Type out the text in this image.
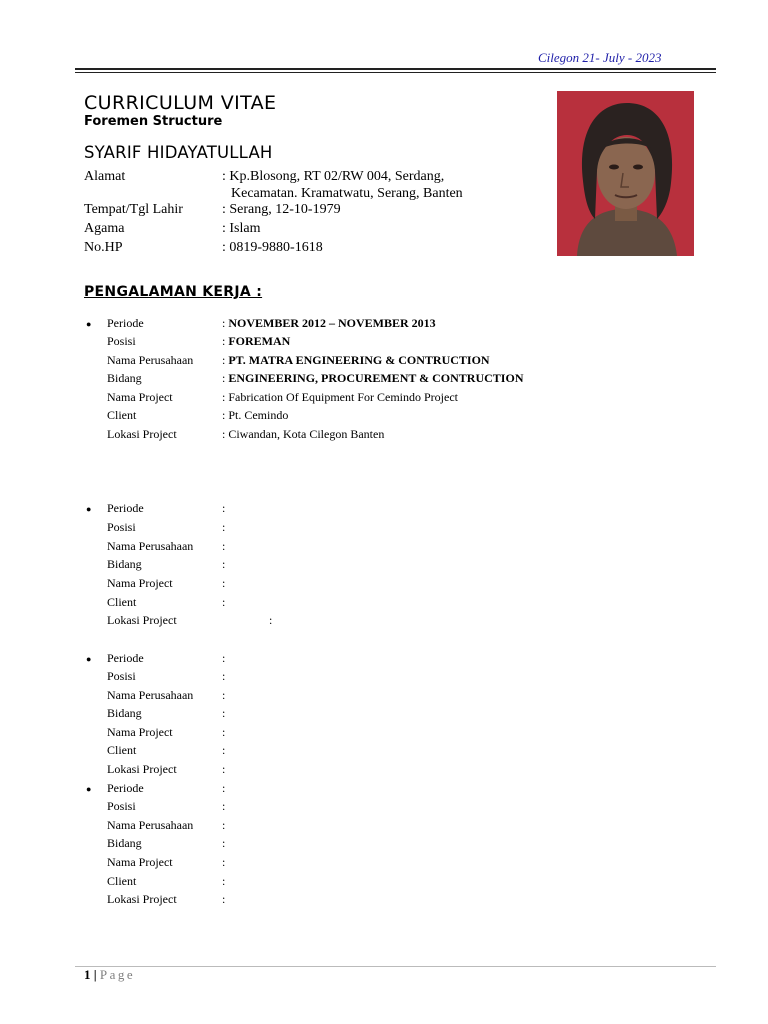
Cilegon 21- July - 2023
CURRICULUM VITAE
Foremen Structure
SYARIF HIDAYATULLAH
Alamat	: Kp.Blosong, RT 02/RW 004, Serdang,
Kecamatan. Kramatwatu, Serang, Banten
Tempat/Tgl Lahir	: Serang, 12-10-1979
Agama	: Islam
No.HP	: 0819-9880-1618
PENGALAMAN KERJA :
● Periode	: NOVEMBER 2012 – NOVEMBER 2013
Posisi	: FOREMAN
Nama Perusahaan : PT. MATRA ENGINEERING & CONTRUCTION
Bidang	: ENGINEERING, PROCUREMENT & CONTRUCTION
Nama Project	: Fabrication Of Equipment For Cemindo Project
Client	: Pt. Cemindo
Lokasi Project	: Ciwandan, Kota Cilegon Banten
● Periode	:
Posisi	:
Nama Perusahaan :
Bidang	:
Nama Project	:
Client	:
Lokasi Project	:
● Periode	:
Posisi	:
Nama Perusahaan :
Bidang	:
Nama Project	:
Client	:
Lokasi Project	:
● Periode	:
Posisi	:
Nama Perusahaan :
Bidang	:
Nama Project	:
Client	:
Lokasi Project	:
1 | Page
